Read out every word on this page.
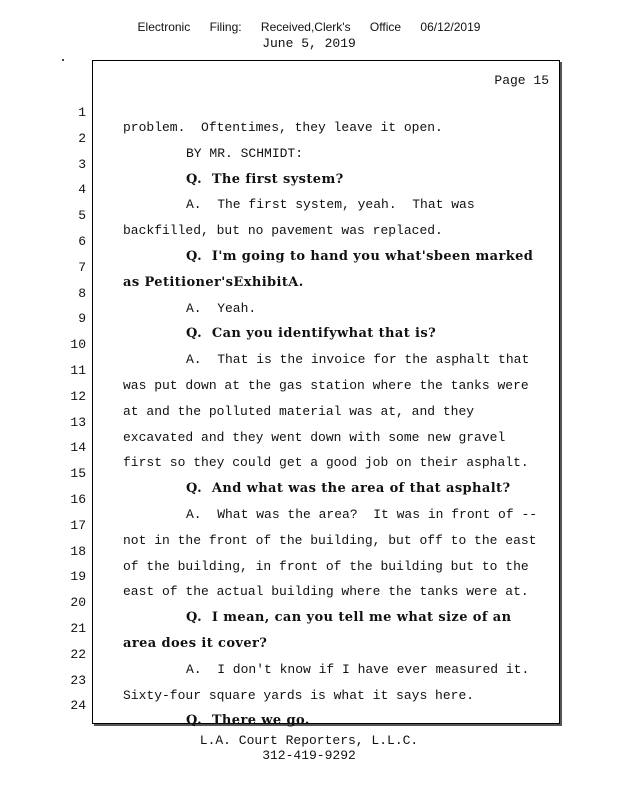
Electronic Filing: Received,Clerk's Office 06/12/2019
June 5, 2019
Page 15

1

problem.  Oftentimes, they leave it open.

2

BY MR. SCHMIDT:

3

Q.  The first system?

4

A.  The first system, yeah.  That was

5

backfilled, but no pavement was replaced.

6

Q.  I'm going to hand you what'sbeen marked

7

as Petitioner'sExhibitA.

8

A.  Yeah.

9

Q.  Can you identifywhat that is?

10

A.  That is the invoice for the asphalt that

11

was put down at the gas station where the tanks were

12

at and the polluted material was at, and they

13

excavated and they went down with some new gravel

14

first so they could get a good job on their asphalt.

15

Q.  And what was the area of that asphalt?

16

A.  What was the area?  It was in front of --

17

not in the front of the building, but off to the east

18

of the building, in front of the building but to the

19

east of the actual building where the tanks were at.

20

Q.  I mean, can you tell me what size of an

21

area does it cover?

22

A.  I don't know if I have ever measured it.

23

Sixty-four square yards is what it says here.

24

Q.  There we go.

L.A. Court Reporters, L.L.C.
312-419-9292
